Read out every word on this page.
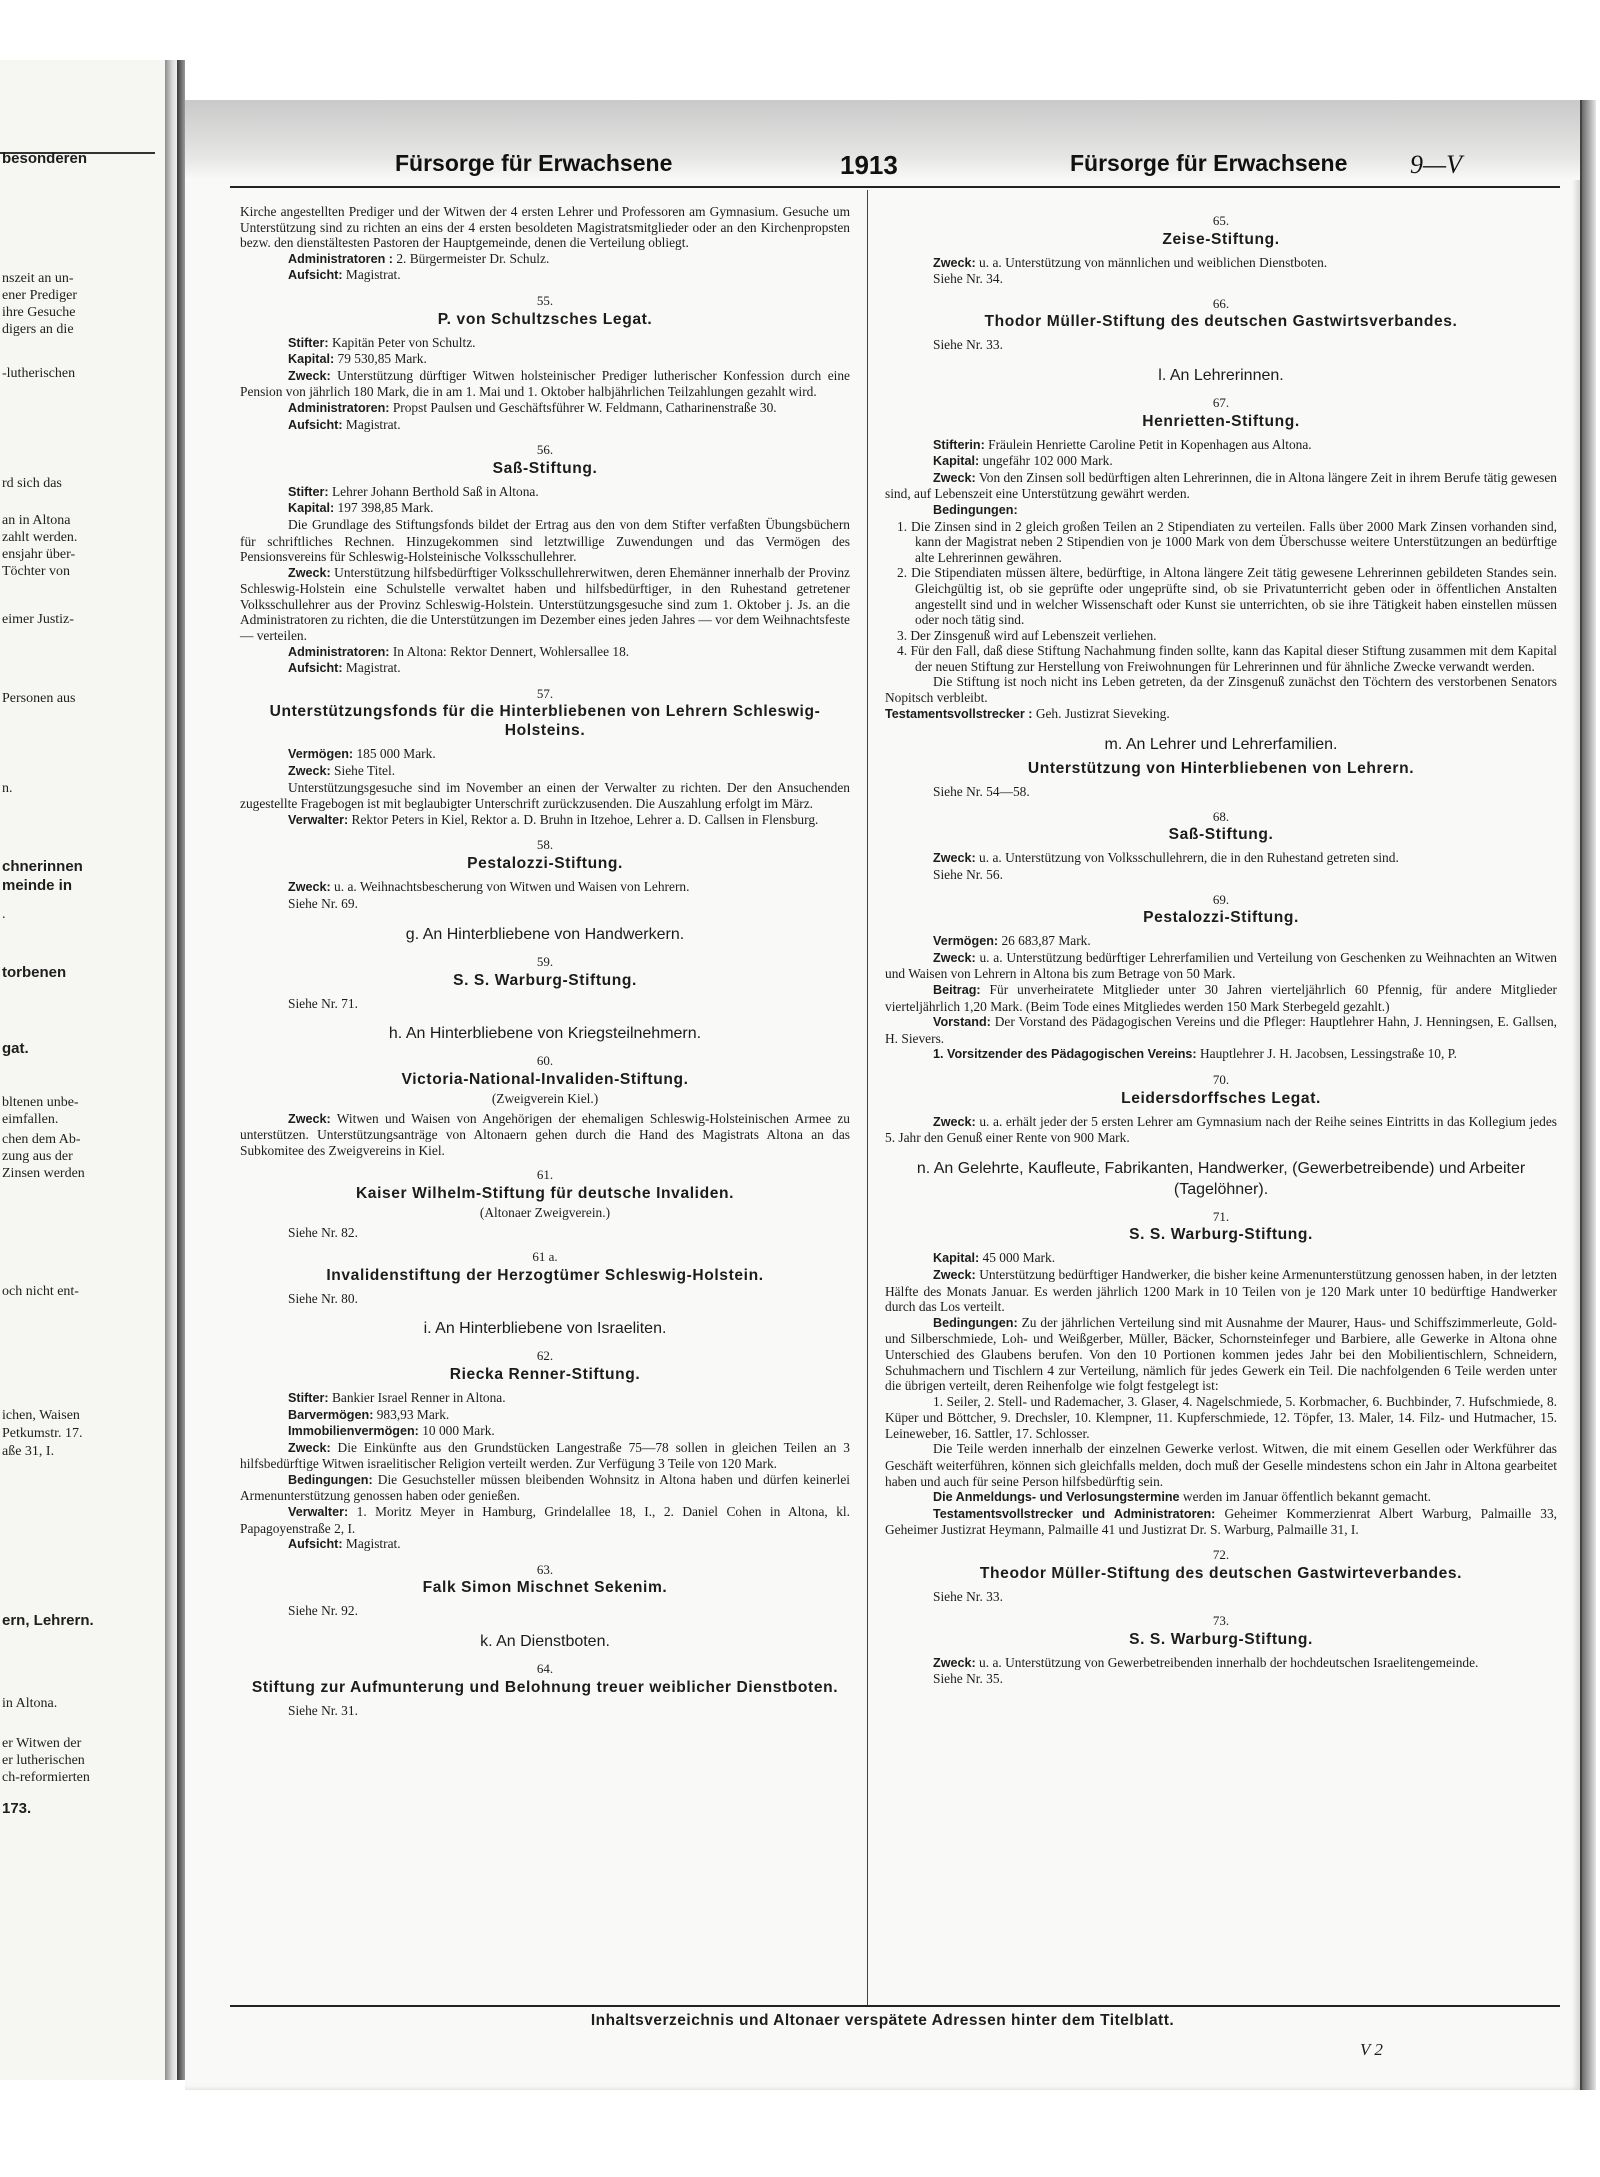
besonderen
nszeit an un-
ener Prediger
ihre Gesuche
digers an die
-lutherischen
rd sich das
an in Altona
zahlt werden.
ensjahr über-
Töchter von
eimer Justiz-
Personen aus
n.
chnerinnen
meinde in
.
torbenen
gat.
bltenen unbe-
eimfallen.
chen dem Ab-
zung aus der
Zinsen werden
och nicht ent-
ichen, Waisen
Petkumstr. 17.
aße 31, I.
ern, Lehrern.
in Altona.
er Witwen der
er lutherischen
ch-reformierten
173.
Fürsorge für Erwachsene	1913	Fürsorge für Erwachsene 9—V

Kirche angestellten Prediger und der Witwen der 4 ersten Lehrer und Professoren am Gymnasium. Gesuche um Unterstützung sind zu richten an eins der 4 ersten besoldeten Magistratsmitglieder oder an den Kirchenpropsten bezw. den dienstältesten Pastoren der Hauptgemeinde, denen die Verteilung obliegt.

Administratoren : 2. Bürgermeister Dr. Schulz.

Aufsicht: Magistrat.

55.
P. von Schultzsches Legat.

Stifter: Kapitän Peter von Schultz.

Kapital: 79 530,85 Mark.

Zweck: Unterstützung dürftiger Witwen holsteinischer Prediger lutherischer Konfession durch eine Pension von jährlich 180 Mark, die in am 1. Mai und 1. Oktober halbjährlichen Teilzahlungen gezahlt wird.

Administratoren: Propst Paulsen und Geschäftsführer W. Feldmann, Catharinenstraße 30.

Aufsicht: Magistrat.

56.
Saß-Stiftung.

Stifter: Lehrer Johann Berthold Saß in Altona.

Kapital: 197 398,85 Mark.

Die Grundlage des Stiftungsfonds bildet der Ertrag aus den von dem Stifter verfaßten Übungsbüchern für schriftliches Rechnen. Hinzugekommen sind letztwillige Zuwendungen und das Vermögen des Pensionsvereins für Schleswig-Holsteinische Volksschullehrer.

Zweck: Unterstützung hilfsbedürftiger Volksschullehrerwitwen, deren Ehemänner innerhalb der Provinz Schleswig-Holstein eine Schulstelle verwaltet haben und hilfsbedürftiger, in den Ruhestand getretener Volksschullehrer aus der Provinz Schleswig-Holstein. Unterstützungsgesuche sind zum 1. Oktober j. Js. an die Administratoren zu richten, die die Unterstützungen im Dezember eines jeden Jahres — vor dem Weihnachtsfeste — verteilen.

Administratoren: In Altona: Rektor Dennert, Wohlersallee 18.

Aufsicht: Magistrat.

57.
Unterstützungsfonds für die Hinterbliebenen von Lehrern Schleswig-Holsteins.

Vermögen: 185 000 Mark.

Zweck: Siehe Titel.

Unterstützungsgesuche sind im November an einen der Verwalter zu richten. Der den Ansuchenden zugestellte Fragebogen ist mit beglaubigter Unterschrift zurückzusenden. Die Auszahlung erfolgt im März.

Verwalter: Rektor Peters in Kiel, Rektor a. D. Bruhn in Itzehoe, Lehrer a. D. Callsen in Flensburg.

58.
Pestalozzi-Stiftung.

Zweck: u. a. Weihnachtsbescherung von Witwen und Waisen von Lehrern.

Siehe Nr. 69.

g. An Hinterbliebene von Handwerkern.
59.
S. S. Warburg-Stiftung.

Siehe Nr. 71.

h. An Hinterbliebene von Kriegsteilnehmern.
60.
Victoria-National-Invaliden-Stiftung.
(Zweigverein Kiel.)

Zweck: Witwen und Waisen von Angehörigen der ehemaligen Schleswig-Holsteinischen Armee zu unterstützen. Unterstützungsanträge von Altonaern gehen durch die Hand des Magistrats Altona an das Subkomitee des Zweigvereins in Kiel.

61.
Kaiser Wilhelm-Stiftung für deutsche Invaliden.
(Altonaer Zweigverein.)

Siehe Nr. 82.

61 a.
Invalidenstiftung der Herzogtümer Schleswig-Holstein.

Siehe Nr. 80.

i. An Hinterbliebene von Israeliten.
62.
Riecka Renner-Stiftung.

Stifter: Bankier Israel Renner in Altona.

Barvermögen: 983,93 Mark.

Immobilienvermögen: 10 000 Mark.

Zweck: Die Einkünfte aus den Grundstücken Langestraße 75—78 sollen in gleichen Teilen an 3 hilfsbedürftige Witwen israelitischer Religion verteilt werden. Zur Verfügung 3 Teile von 120 Mark.

Bedingungen: Die Gesuchsteller müssen bleibenden Wohnsitz in Altona haben und dürfen keinerlei Armenunterstützung genossen haben oder genießen.

Verwalter: 1. Moritz Meyer in Hamburg, Grindelallee 18, I., 2. Daniel Cohen in Altona, kl. Papagoyenstraße 2, I.

Aufsicht: Magistrat.

63.
Falk Simon Mischnet Sekenim.

Siehe Nr. 92.

k. An Dienstboten.
64.
Stiftung zur Aufmunterung und Belohnung treuer weiblicher Dienstboten.

Siehe Nr. 31.

65.
Zeise-Stiftung.

Zweck: u. a. Unterstützung von männlichen und weiblichen Dienstboten.

Siehe Nr. 34.

66.
Thodor Müller-Stiftung des deutschen Gastwirtsverbandes.

Siehe Nr. 33.

l. An Lehrerinnen.
67.
Henrietten-Stiftung.

Stifterin: Fräulein Henriette Caroline Petit in Kopenhagen aus Altona.

Kapital: ungefähr 102 000 Mark.

Zweck: Von den Zinsen soll bedürftigen alten Lehrerinnen, die in Altona längere Zeit in ihrem Berufe tätig gewesen sind, auf Lebenszeit eine Unterstützung gewährt werden.

Bedingungen:

1. Die Zinsen sind in 2 gleich großen Teilen an 2 Stipendiaten zu verteilen. Falls über 2000 Mark Zinsen vorhanden sind, kann der Magistrat neben 2 Stipendien von je 1000 Mark von dem Überschusse weitere Unterstützungen an bedürftige alte Lehrerinnen gewähren.

2. Die Stipendiaten müssen ältere, bedürftige, in Altona längere Zeit tätig gewesene Lehrerinnen gebildeten Standes sein. Gleichgültig ist, ob sie geprüfte oder ungeprüfte sind, ob sie Privatunterricht geben oder in öffentlichen Anstalten angestellt sind und in welcher Wissenschaft oder Kunst sie unterrichten, ob sie ihre Tätigkeit haben einstellen müssen oder noch tätig sind.

3. Der Zinsgenuß wird auf Lebenszeit verliehen.

4. Für den Fall, daß diese Stiftung Nachahmung finden sollte, kann das Kapital dieser Stiftung zusammen mit dem Kapital der neuen Stiftung zur Herstellung von Freiwohnungen für Lehrerinnen und für ähnliche Zwecke verwandt werden.

Die Stiftung ist noch nicht ins Leben getreten, da der Zinsgenuß zunächst den Töchtern des verstorbenen Senators Nopitsch verbleibt.

Testamentsvollstrecker : Geh. Justizrat Sieveking.

m. An Lehrer und Lehrerfamilien.
Unterstützung von Hinterbliebenen von Lehrern.

Siehe Nr. 54—58.

68.
Saß-Stiftung.

Zweck: u. a. Unterstützung von Volksschullehrern, die in den Ruhestand getreten sind.

Siehe Nr. 56.

69.
Pestalozzi-Stiftung.

Vermögen: 26 683,87 Mark.

Zweck: u. a. Unterstützung bedürftiger Lehrerfamilien und Verteilung von Geschenken zu Weihnachten an Witwen und Waisen von Lehrern in Altona bis zum Betrage von 50 Mark.

Beitrag: Für unverheiratete Mitglieder unter 30 Jahren vierteljährlich 60 Pfennig, für andere Mitglieder vierteljährlich 1,20 Mark. (Beim Tode eines Mitgliedes werden 150 Mark Sterbegeld gezahlt.)

Vorstand: Der Vorstand des Pädagogischen Vereins und die Pfleger: Hauptlehrer Hahn, J. Henningsen, E. Gallsen, H. Sievers.

1. Vorsitzender des Pädagogischen Vereins: Hauptlehrer J. H. Jacobsen, Lessingstraße 10, P.

70.
Leidersdorffsches Legat.

Zweck: u. a. erhält jeder der 5 ersten Lehrer am Gymnasium nach der Reihe seines Eintritts in das Kollegium jedes 5. Jahr den Genuß einer Rente von 900 Mark.

n. An Gelehrte, Kaufleute, Fabrikanten, Handwerker, (Gewerbetreibende) und Arbeiter (Tagelöhner).
71.
S. S. Warburg-Stiftung.

Kapital: 45 000 Mark.

Zweck: Unterstützung bedürftiger Handwerker, die bisher keine Armenunterstützung genossen haben, in der letzten Hälfte des Monats Januar. Es werden jährlich 1200 Mark in 10 Teilen von je 120 Mark unter 10 bedürftige Handwerker durch das Los verteilt.

Bedingungen: Zu der jährlichen Verteilung sind mit Ausnahme der Maurer, Haus- und Schiffszimmerleute, Gold- und Silberschmiede, Loh- und Weißgerber, Müller, Bäcker, Schornsteinfeger und Barbiere, alle Gewerke in Altona ohne Unterschied des Glaubens berufen. Von den 10 Portionen kommen jedes Jahr bei den Mobilientischlern, Schneidern, Schuhmachern und Tischlern 4 zur Verteilung, nämlich für jedes Gewerk ein Teil. Die nachfolgenden 6 Teile werden unter die übrigen verteilt, deren Reihenfolge wie folgt festgelegt ist:

1. Seiler, 2. Stell- und Rademacher, 3. Glaser, 4. Nagelschmiede, 5. Korbmacher, 6. Buchbinder, 7. Hufschmiede, 8. Küper und Böttcher, 9. Drechsler, 10. Klempner, 11. Kupferschmiede, 12. Töpfer, 13. Maler, 14. Filz- und Hutmacher, 15. Leineweber, 16. Sattler, 17. Schlosser.

Die Teile werden innerhalb der einzelnen Gewerke verlost. Witwen, die mit einem Gesellen oder Werkführer das Geschäft weiterführen, können sich gleichfalls melden, doch muß der Geselle mindestens schon ein Jahr in Altona gearbeitet haben und auch für seine Person hilfsbedürftig sein.

Die Anmeldungs- und Verlosungstermine werden im Januar öffentlich bekannt gemacht.

Testamentsvollstrecker und Administratoren: Geheimer Kommerzienrat Albert Warburg, Palmaille 33, Geheimer Justizrat Heymann, Palmaille 41 und Justizrat Dr. S. Warburg, Palmaille 31, I.

72.
Theodor Müller-Stiftung des deutschen Gastwirteverbandes.

Siehe Nr. 33.

73.
S. S. Warburg-Stiftung.

Zweck: u. a. Unterstützung von Gewerbetreibenden innerhalb der hochdeutschen Israelitengemeinde.

Siehe Nr. 35.

Inhaltsverzeichnis und Altonaer verspätete Adressen hinter dem Titelblatt.
V 2
